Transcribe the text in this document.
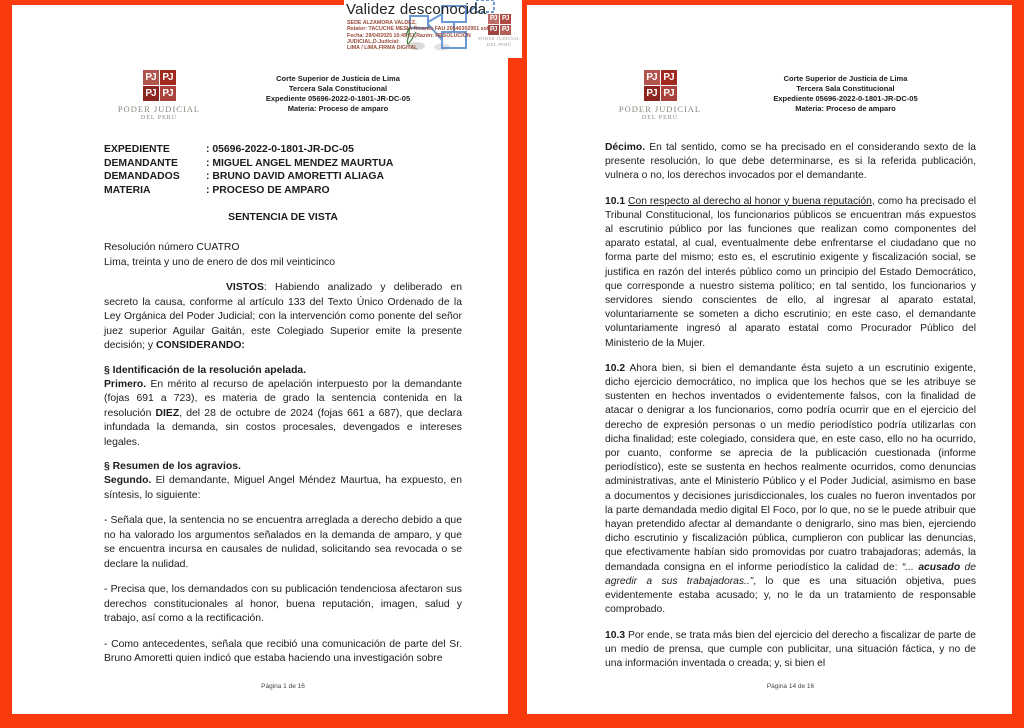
PJ PJ
PJ PJ
PODER JUDICIAL
DEL PERÚ
Validez desconocida
SEDE ALZAMORA VALDEZ,
Relator: TACUCHE MESIA Ricardo FAU 20546302951 soft
Fecha: 29/04/2025 10:45:51,Razón: RESOLUCIÓN JUDICIAL,D.Judicial:
LIMA / LIMA,FIRMA DIGITAL
PJ PJ
PJ PJ
PODER JUDICIAL
DEL PERÚ
Corte Superior de Justicia de Lima
Tercera Sala Constitucional
Expediente 05696-2022-0-1801-JR-DC-05
Materia: Proceso de amparo
EXPEDIENTE	: 05696-2022-0-1801-JR-DC-05
DEMANDANTE	: MIGUEL ANGEL MENDEZ MAURTUA
DEMANDADOS	: BRUNO DAVID AMORETTI ALIAGA
MATERIA	: PROCESO DE AMPARO
SENTENCIA DE VISTA
Resolución número CUATRO
Lima, treinta y uno de enero de dos mil veinticinco

VISTOS: Habiendo analizado y deliberado en secreto la causa, conforme al artículo 133 del Texto Único Ordenado de la Ley Orgánica del Poder Judicial; con la intervención como ponente del señor juez superior Aguilar Gaitán, este Colegiado Superior emite la presente decisión; y CONSIDERANDO:

§ Identificación de la resolución apelada.

Primero. En mérito al recurso de apelación interpuesto por la demandante (fojas 691 a 723), es materia de grado la sentencia contenida en la resolución DIEZ, del 28 de octubre de 2024 (fojas 661 a 687), que declara infundada la demanda, sin costos procesales, devengados e intereses legales.

§ Resumen de los agravios.

Segundo. El demandante, Miguel Angel Méndez Maurtua, ha expuesto, en síntesis, lo siguiente:

- Señala que, la sentencia no se encuentra arreglada a derecho debido a que no ha valorado los argumentos señalados en la demanda de amparo, y que se encuentra incursa en causales de nulidad, solicitando sea revocada o se declare la nulidad.

- Precisa que, los demandados con su publicación tendenciosa afectaron sus derechos constitucionales al honor, buena reputación, imagen, salud y trabajo, así como a la rectificación.

- Como antecedentes, señala que recibió una comunicación de parte del Sr. Bruno Amoretti quien indicó que estaba haciendo una investigación sobre

Página 1 de 16
PJ PJ
PJ PJ
PODER JUDICIAL
DEL PERÚ
Corte Superior de Justicia de Lima
Tercera Sala Constitucional
Expediente 05696-2022-0-1801-JR-DC-05
Materia: Proceso de amparo

Décimo. En tal sentido, como se ha precisado en el considerando sexto de la presente resolución, lo que debe determinarse, es si la referida publicación, vulnera o no, los derechos invocados por el demandante.

10.1 Con respecto al derecho al honor y buena reputación, como ha precisado el Tribunal Constitucional, los funcionarios públicos se encuentran más expuestos al escrutinio público por las funciones que realizan como componentes del aparato estatal, al cual, eventualmente debe enfrentarse el ciudadano que no forma parte del mismo; esto es, el escrutinio exigente y fiscalización social, se justifica en razón del interés público como un principio del Estado Democrático, que corresponde a nuestro sistema político; en tal sentido, los funcionarios y servidores siendo conscientes de ello, al ingresar al aparato estatal, voluntariamente se someten a dicho escrutinio; en este caso, el demandante voluntariamente ingresó al aparato estatal como Procurador Público del Ministerio de la Mujer.

10.2 Ahora bien, si bien el demandante ésta sujeto a un escrutinio exigente, dicho ejercicio democrático, no implica que los hechos que se les atribuye se sustenten en hechos inventados o evidentemente falsos, con la finalidad de atacar o denigrar a los funcionarios, como podría ocurrir que en el ejercicio del derecho de expresión personas o un medio periodístico podría utilizarlas con dicha finalidad; este colegiado, considera que, en este caso, ello no ha ocurrido, por cuanto, conforme se aprecia de la publicación cuestionada (informe periodístico), este se sustenta en hechos realmente ocurridos, como denuncias administrativas, ante el Ministerio Público y el Poder Judicial, asimismo en base a documentos y decisiones jurisdiccionales, los cuales no fueron inventados por la parte demandada medio digital El Foco, por lo que, no se le puede atribuir que hayan pretendido afectar al demandante o denigrarlo, sino mas bien, ejerciendo dicho escrutinio y fiscalización pública, cumplieron con publicar las denuncias, que efectivamente habían sido promovidas por cuatro trabajadoras; además, la demandada consigna en el informe periodístico la calidad de: “... acusado de agredir a sus trabajadoras..”, lo que es una situación objetiva, pues evidentemente estaba acusado; y, no le da un tratamiento de responsable comprobado.

10.3 Por ende, se trata más bien del ejercicio del derecho a fiscalizar de parte de un medio de prensa, que cumple con publicitar, una situación fáctica, y no de una información inventada o creada; y, si bien el

Página 14 de 16
